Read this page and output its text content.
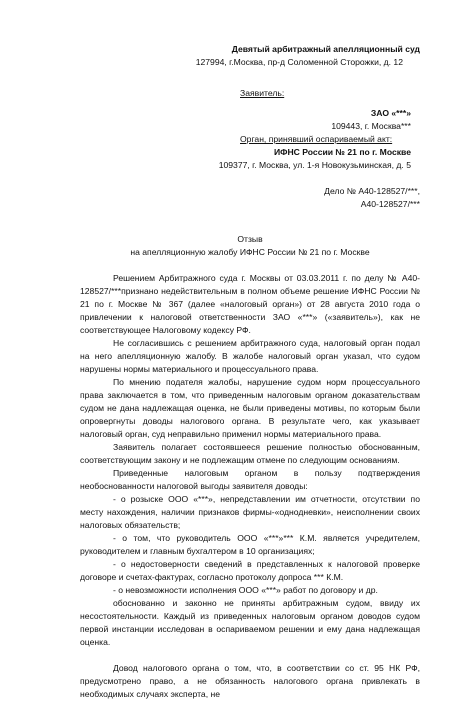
Девятый арбитражный апелляционный суд
127994, г.Москва, пр-д Соломенной Сторожки, д. 12
Заявитель:
ЗАО «***»
109443, г. Москва***
Орган, принявший оспариваемый акт:
ИФНС России № 21 по г. Москве
109377, г. Москва, ул. 1-я Новокузьминская, д. 5
Дело № А40-128527/***,
А40-128527/***
Отзыв
на апелляционную жалобу ИФНС России № 21 по г. Москве

Решением Арбитражного суда г. Москвы от 03.03.2011 г. по делу № А40-128527/***признано недействительным в полном объеме решение ИФНС России № 21 по г. Москве № 367 (далее «налоговый орган») от 28 августа 2010 года о привлечении к налоговой ответственности ЗАО «***» («заявитель»), как не соответствующее Налоговому кодексу РФ.

Не согласившись с решением арбитражного суда, налоговый орган подал на него апелляционную жалобу. В жалобе налоговый орган указал, что судом нарушены нормы материального и процессуального права.

По мнению подателя жалобы, нарушение судом норм процессуального права заключается в том, что приведенным налоговым органом доказательствам судом не дана надлежащая оценка, не были приведены мотивы, по которым были опровергнуты доводы налогового органа. В результате чего, как указывает налоговый орган, суд неправильно применил нормы материального права.

Заявитель полагает состоявшееся решение полностью обоснованным, соответствующим закону и не подлежащим отмене по следующим основаниям.

Приведенные налоговым органом в пользу подтверждения необоснованности налоговой выгоды заявителя доводы:

- о розыске ООО «***», непредставлении им отчетности, отсутствии по месту нахождения, наличии признаков фирмы-«однодневки», неисполнении своих налоговых обязательств;

- о том, что руководитель ООО «***»*** К.М. является учредителем, руководителем и главным бухгалтером в 10 организациях;

- о недостоверности сведений в представленных к налоговой проверке договоре и счетах-фактурах, согласно протоколу допроса *** К.М.

- о невозможности исполнения ООО «***» работ по договору и др.

обоснованно и законно не приняты арбитражным судом, ввиду их несостоятельности. Каждый из приведенных налоговым органом доводов судом первой инстанции исследован в оспариваемом решении и ему дана надлежащая оценка.

Довод налогового органа о том, что, в соответствии со ст. 95 НК РФ, предусмотрено право, а не обязанность налогового органа привлекать в необходимых случаях эксперта, не
